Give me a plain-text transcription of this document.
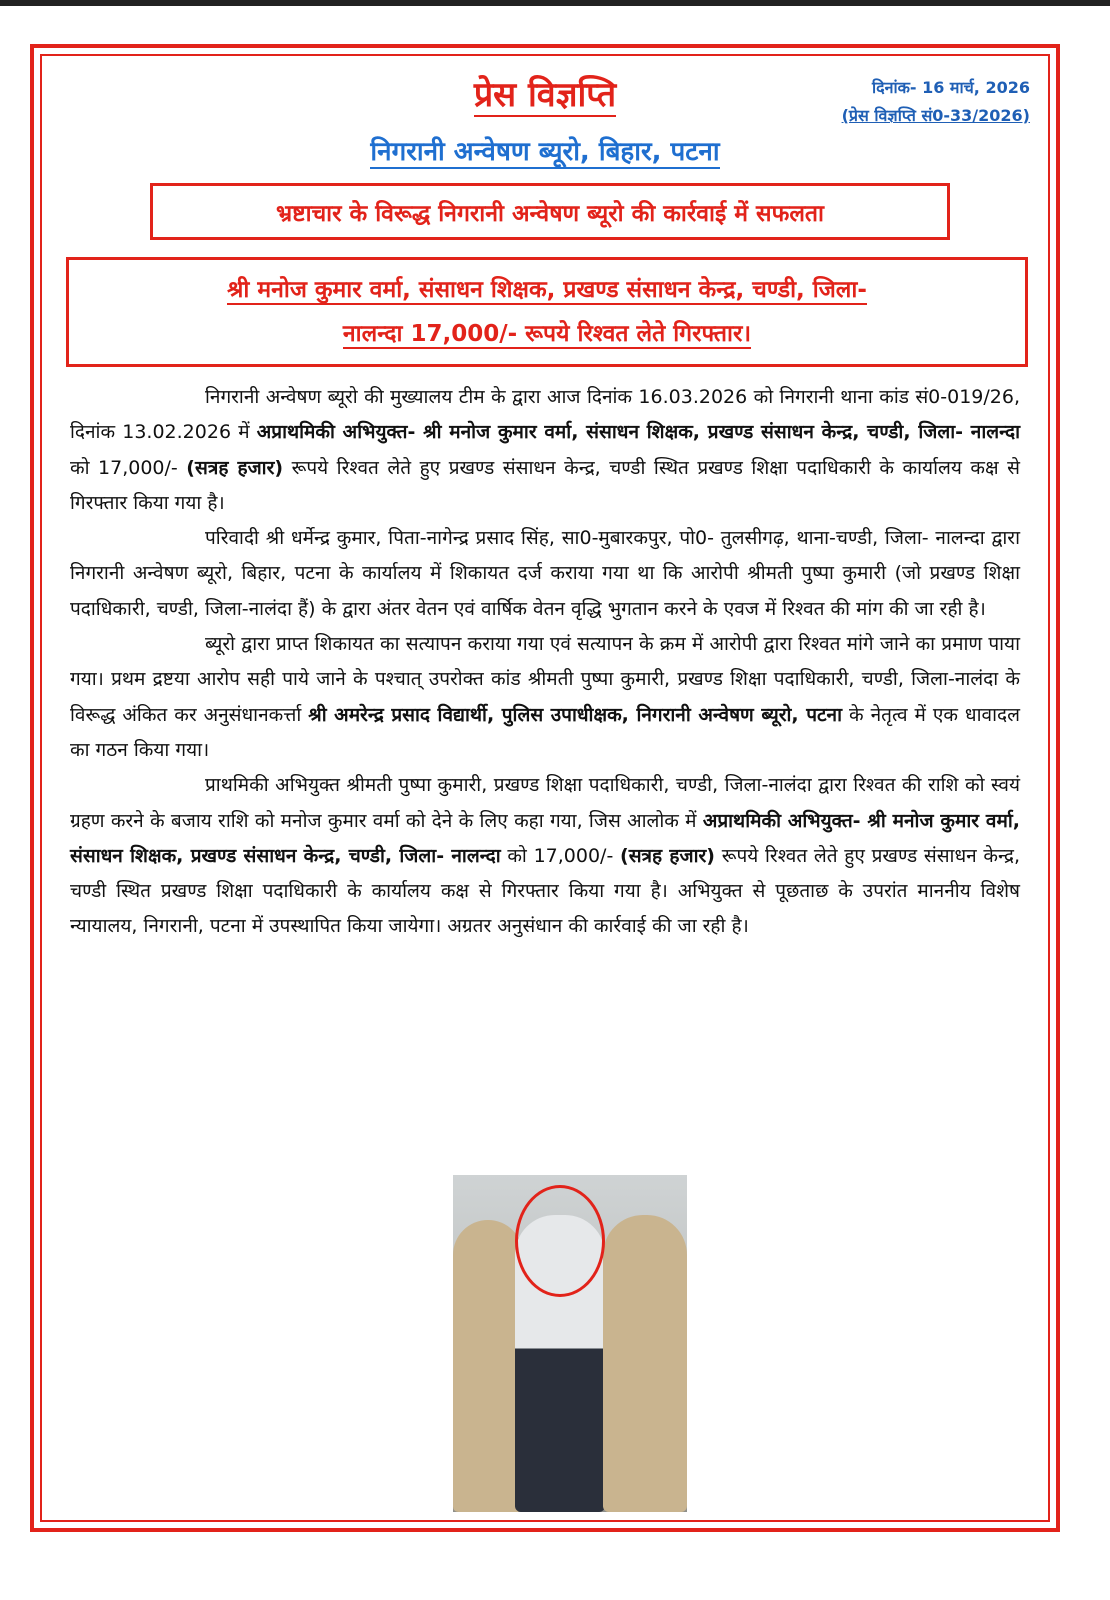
प्रेस विज्ञप्ति	दिनांक- 16 मार्च, 2026
(प्रेस विज्ञप्ति सं0-33/2026)
निगरानी अन्वेषण ब्यूरो, बिहार, पटना
भ्रष्टाचार के विरूद्ध निगरानी अन्वेषण ब्यूरो की कार्रवाई में सफलता
श्री मनोज कुमार वर्मा, संसाधन शिक्षक, प्रखण्ड संसाधन केन्द्र, चण्डी, जिला-
नालन्दा 17,000/- रूपये रिश्वत लेते गिरफ्तार।

निगरानी अन्वेषण ब्यूरो की मुख्यालय टीम के द्वारा आज दिनांक 16.03.2026 को निगरानी थाना कांड सं0-019/26, दिनांक 13.02.2026 में अप्राथमिकी अभियुक्त- श्री मनोज कुमार वर्मा, संसाधन शिक्षक, प्रखण्ड संसाधन केन्द्र, चण्डी, जिला- नालन्दा को 17,000/- (सत्रह हजार) रूपये रिश्वत लेते हुए प्रखण्ड संसाधन केन्द्र, चण्डी स्थित प्रखण्ड शिक्षा पदाधिकारी के कार्यालय कक्ष से गिरफ्तार किया गया है।

परिवादी श्री धर्मेन्द्र कुमार, पिता-नागेन्द्र प्रसाद सिंह, सा0-मुबारकपुर, पो0- तुलसीगढ़, थाना-चण्डी, जिला- नालन्दा द्वारा निगरानी अन्वेषण ब्यूरो, बिहार, पटना के कार्यालय में शिकायत दर्ज कराया गया था कि आरोपी श्रीमती पुष्पा कुमारी (जो प्रखण्ड शिक्षा पदाधिकारी, चण्डी, जिला-नालंदा हैं) के द्वारा अंतर वेतन एवं वार्षिक वेतन वृद्धि भुगतान करने के एवज में रिश्वत की मांग की जा रही है।

ब्यूरो द्वारा प्राप्त शिकायत का सत्यापन कराया गया एवं सत्यापन के क्रम में आरोपी द्वारा रिश्वत मांगे जाने का प्रमाण पाया गया। प्रथम द्रष्टया आरोप सही पाये जाने के पश्चात् उपरोक्त कांड श्रीमती पुष्पा कुमारी, प्रखण्ड शिक्षा पदाधिकारी, चण्डी, जिला-नालंदा के विरूद्ध अंकित कर अनुसंधानकर्त्ता श्री अमरेन्द्र प्रसाद विद्यार्थी, पुलिस उपाधीक्षक, निगरानी अन्वेषण ब्यूरो, पटना के नेतृत्व में एक धावादल का गठन किया गया।

प्राथमिकी अभियुक्त श्रीमती पुष्पा कुमारी, प्रखण्ड शिक्षा पदाधिकारी, चण्डी, जिला-नालंदा द्वारा रिश्वत की राशि को स्वयं ग्रहण करने के बजाय राशि को मनोज कुमार वर्मा को देने के लिए कहा गया, जिस आलोक में अप्राथमिकी अभियुक्त- श्री मनोज कुमार वर्मा, संसाधन शिक्षक, प्रखण्ड संसाधन केन्द्र, चण्डी, जिला- नालन्दा को 17,000/- (सत्रह हजार) रूपये रिश्वत लेते हुए प्रखण्ड संसाधन केन्द्र, चण्डी स्थित प्रखण्ड शिक्षा पदाधिकारी के कार्यालय कक्ष से गिरफ्तार किया गया है। अभियुक्त से पूछताछ के उपरांत माननीय विशेष न्यायालय, निगरानी, पटना में उपस्थापित किया जायेगा। अग्रतर अनुसंधान की कार्रवाई की जा रही है।
